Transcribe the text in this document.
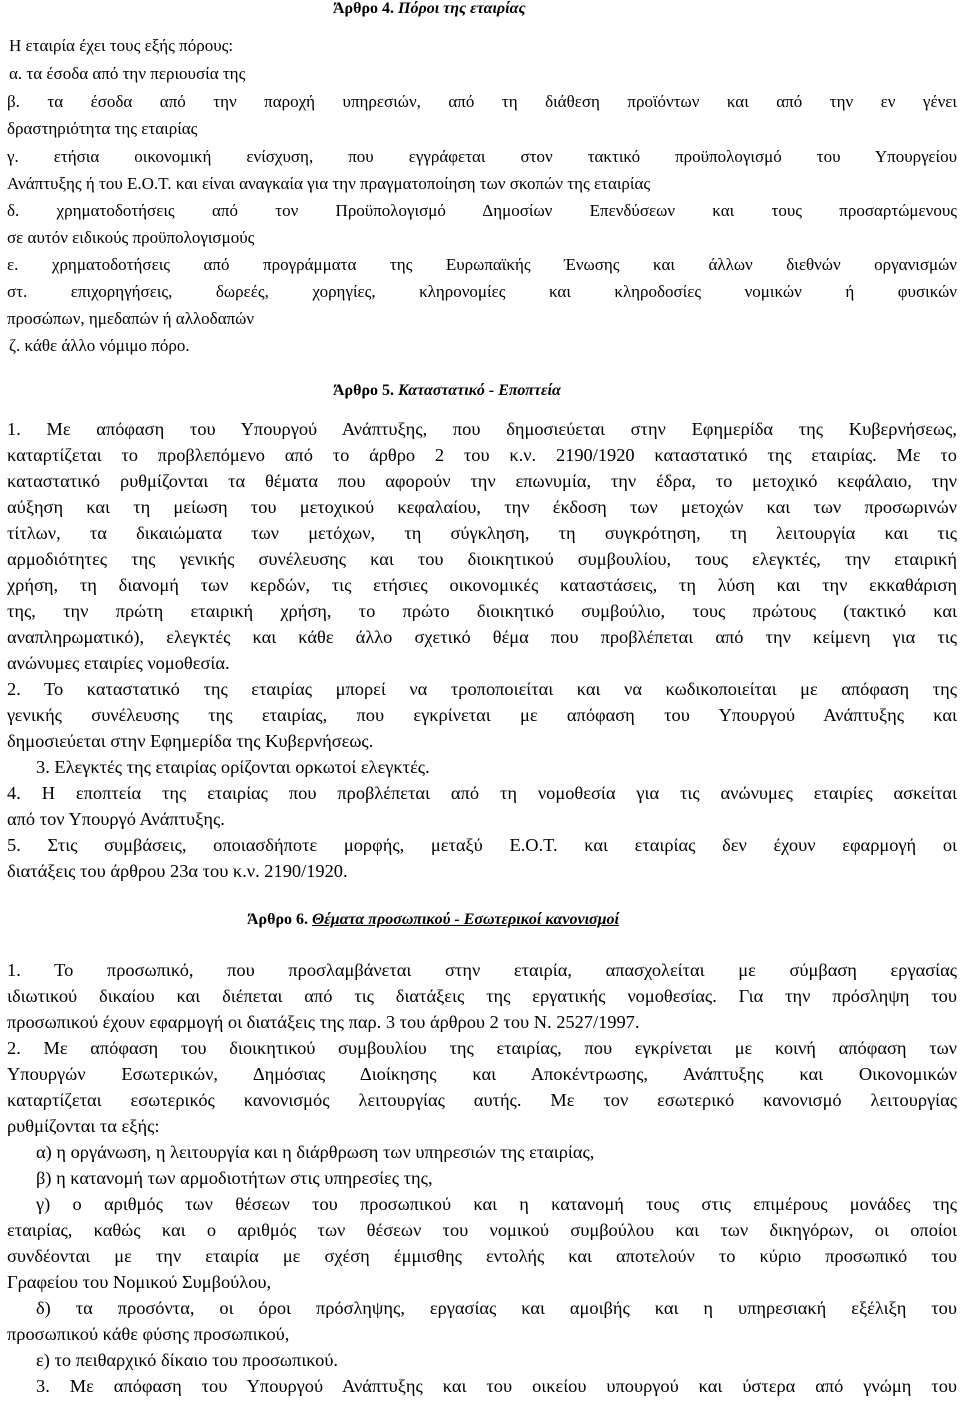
Άρθρο 4. Πόροι της εταιρίας
Η εταιρία έχει τους εξής πόρους:
α. τα έσοδα από την περιουσία της
β. τα έσοδα από την παροχή υπηρεσιών, από τη διάθεση προϊόντων και από την εν γένει
δραστηριότητα της εταιρίας
γ. ετήσια οικονομική ενίσχυση, που εγγράφεται στον τακτικό προϋπολογισμό του Υπουργείου
Ανάπτυξης ή του Ε.Ο.Τ. και είναι αναγκαία για την πραγματοποίηση των σκοπών της εταιρίας
δ. χρηματοδοτήσεις από τον Προϋπολογισμό Δημοσίων Επενδύσεων και τους προσαρτώμενους
σε αυτόν ειδικούς προϋπολογισμούς
ε. χρηματοδοτήσεις από προγράμματα της Ευρωπαϊκής Ένωσης και άλλων διεθνών οργανισμών
στ. επιχορηγήσεις, δωρεές, χορηγίες, κληρονομίες και κληροδοσίες νομικών ή φυσικών
προσώπων, ημεδαπών ή αλλοδαπών
ζ. κάθε άλλο νόμιμο πόρο.
Άρθρο 5. Καταστατικό - Εποπτεία
1. Με απόφαση του Υπουργού Ανάπτυξης, που δημοσιεύεται στην Εφημερίδα της Κυβερνήσεως,
καταρτίζεται το προβλεπόμενο από το άρθρο 2 του κ.ν. 2190/1920 καταστατικό της εταιρίας. Με το
καταστατικό ρυθμίζονται τα θέματα που αφορούν την επωνυμία, την έδρα, το μετοχικό κεφάλαιο, την
αύξηση και τη μείωση του μετοχικού κεφαλαίου, την έκδοση των μετοχών και των προσωρινών
τίτλων, τα δικαιώματα των μετόχων, τη σύγκληση, τη συγκρότηση, τη λειτουργία και τις
αρμοδιότητες της γενικής συνέλευσης και του διοικητικού συμβουλίου, τους ελεγκτές, την εταιρική
χρήση, τη διανομή των κερδών, τις ετήσιες οικονομικές καταστάσεις, τη λύση και την εκκαθάριση
της, την πρώτη εταιρική χρήση, το πρώτο διοικητικό συμβούλιο, τους πρώτους (τακτικό και
αναπληρωματικό), ελεγκτές και κάθε άλλο σχετικό θέμα που προβλέπεται από την κείμενη για τις
ανώνυμες εταιρίες νομοθεσία.
2. Το καταστατικό της εταιρίας μπορεί να τροποποιείται και να κωδικοποιείται με απόφαση της
γενικής συνέλευσης της εταιρίας, που εγκρίνεται με απόφαση του Υπουργού Ανάπτυξης και
δημοσιεύεται στην Εφημερίδα της Κυβερνήσεως.
3. Ελεγκτές της εταιρίας ορίζονται ορκωτοί ελεγκτές.
4. Η εποπτεία της εταιρίας που προβλέπεται από τη νομοθεσία για τις ανώνυμες εταιρίες ασκείται
από τον Υπουργό Ανάπτυξης.
5. Στις συμβάσεις, οποιασδήποτε μορφής, μεταξύ Ε.Ο.Τ. και εταιρίας δεν έχουν εφαρμογή οι
διατάξεις του άρθρου 23α του κ.ν. 2190/1920.
Άρθρο 6. Θέματα προσωπικού - Εσωτερικοί κανονισμοί
1. Το προσωπικό, που προσλαμβάνεται στην εταιρία, απασχολείται με σύμβαση εργασίας
ιδιωτικού δικαίου και διέπεται από τις διατάξεις της εργατικής νομοθεσίας. Για την πρόσληψη του
προσωπικού έχουν εφαρμογή οι διατάξεις της παρ. 3 του άρθρου 2 του Ν. 2527/1997.
2. Με απόφαση του διοικητικού συμβουλίου της εταιρίας, που εγκρίνεται με κοινή απόφαση των
Υπουργών Εσωτερικών, Δημόσιας Διοίκησης και Αποκέντρωσης, Ανάπτυξης και Οικονομικών
καταρτίζεται εσωτερικός κανονισμός λειτουργίας αυτής. Με τον εσωτερικό κανονισμό λειτουργίας
ρυθμίζονται τα εξής:
α) η οργάνωση, η λειτουργία και η διάρθρωση των υπηρεσιών της εταιρίας,
β) η κατανομή των αρμοδιοτήτων στις υπηρεσίες της,
γ) ο αριθμός των θέσεων του προσωπικού και η κατανομή τους στις επιμέρους μονάδες της
εταιρίας, καθώς και ο αριθμός των θέσεων του νομικού συμβούλου και των δικηγόρων, οι οποίοι
συνδέονται με την εταιρία με σχέση έμμισθης εντολής και αποτελούν το κύριο προσωπικό του
Γραφείου του Νομικού Συμβούλου,
δ) τα προσόντα, οι όροι πρόσληψης, εργασίας και αμοιβής και η υπηρεσιακή εξέλιξη του
προσωπικού κάθε φύσης προσωπικού,
ε) το πειθαρχικό δίκαιο του προσωπικού.
3. Με απόφαση του Υπουργού Ανάπτυξης και του οικείου υπουργού και ύστερα από γνώμη του
